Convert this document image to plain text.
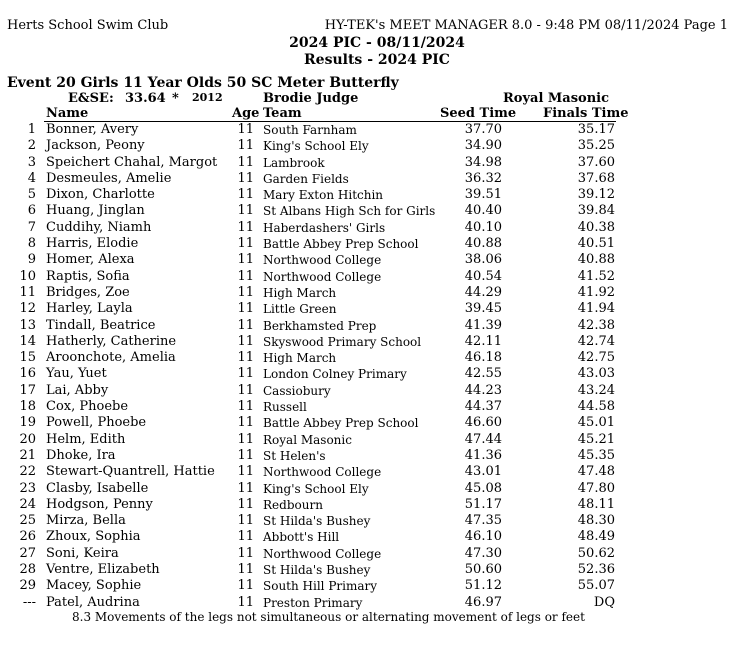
Herts School Swim Club	HY-TEK's MEET MANAGER 8.0 - 9:48 PM 08/11/2024 Page 1
2024 PIC - 08/11/2024
Results - 2024 PIC
Event 20 Girls 11 Year Olds 50 SC Meter Butterfly
E&SE: 33.64 * 2012	Brodie Judge	Royal Masonic
Name	Age Team	Seed Time Finals Time
1 Bonner, Avery	11 South Farnham	37.70	35.17
2 Jackson, Peony	11 King's School Ely	34.90	35.25
3 Speichert Chahal, Margot 11 Lambrook	34.98	37.60
4 Desmeules, Amelie	11 Garden Fields	36.32	37.68
5 Dixon, Charlotte	11 Mary Exton Hitchin	39.51	39.12
6 Huang, Jinglan	11 St Albans High Sch for Girls	40.40	39.84
7 Cuddihy, Niamh	11 Haberdashers' Girls	40.10	40.38
8 Harris, Elodie	11 Battle Abbey Prep School	40.88	40.51
9 Homer, Alexa	11 Northwood College	38.06	40.88
10 Raptis, Sofia	11 Northwood College	40.54	41.52
11 Bridges, Zoe	11 High March	44.29	41.92
12 Harley, Layla	11 Little Green	39.45	41.94
13 Tindall, Beatrice	11 Berkhamsted Prep	41.39	42.38
14 Hatherly, Catherine	11 Skyswood Primary School	42.11	42.74
15 Aroonchote, Amelia	11 High March	46.18	42.75
16 Yau, Yuet	11 London Colney Primary	42.55	43.03
17 Lai, Abby	11 Cassiobury	44.23	43.24
18 Cox, Phoebe	11 Russell	44.37	44.58
19 Powell, Phoebe	11 Battle Abbey Prep School	46.60	45.01
20 Helm, Edith	11 Royal Masonic	47.44	45.21
21 Dhoke, Ira	11 St Helen's	41.36	45.35
22 Stewart-Quantrell, Hattie 11 Northwood College	43.01	47.48
23 Clasby, Isabelle	11 King's School Ely	45.08	47.80
24 Hodgson, Penny	11 Redbourn	51.17	48.11
25 Mirza, Bella	11 St Hilda's Bushey	47.35	48.30
26 Zhoux, Sophia	11 Abbott's Hill	46.10	48.49
27 Soni, Keira	11 Northwood College	47.30	50.62
28 Ventre, Elizabeth	11 St Hilda's Bushey	50.60	52.36
29 Macey, Sophie	11 South Hill Primary	51.12	55.07
--- Patel, Audrina	11 Preston Primary	46.97	DQ
8.3 Movements of the legs not simultaneous or alternating movement of legs or feet
